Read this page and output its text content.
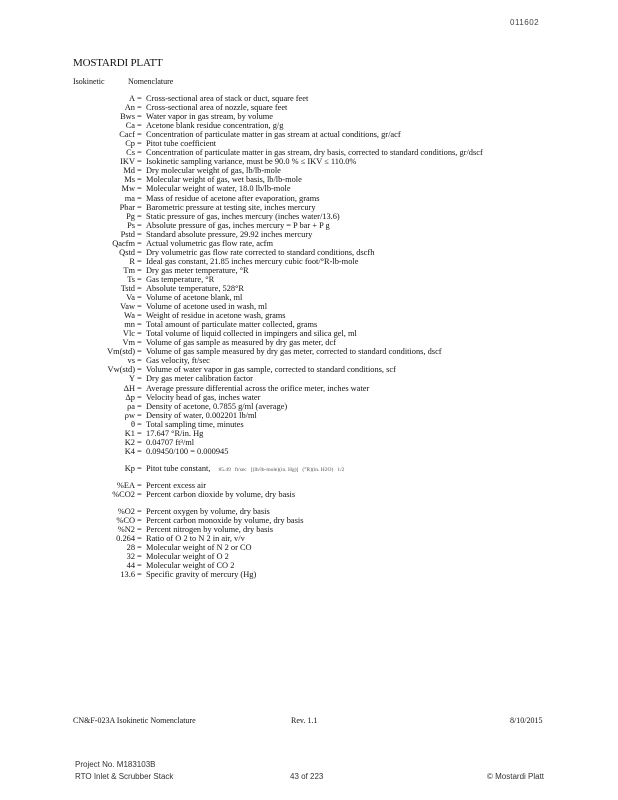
011602
MOSTARDI PLATT
Isokinetic	Nomenclature
A = Cross-sectional area of stack or duct, square feet
An = Cross-sectional area of nozzle, square feet
Bws = Water vapor in gas stream, by volume
Ca = Acetone blank residue concentration, g/g
Cacf = Concentration of particulate matter in gas stream at actual conditions, gr/acf
Cp = Pitot tube coefficient
Cs = Concentration of particulate matter in gas stream, dry basis, corrected to standard conditions, gr/dscf
IKV = Isokinetic sampling variance, must be 90.0 % ≤ IKV ≤ 110.0%
Md = Dry molecular weight of gas, lb/lb-mole
Ms = Molecular weight of gas, wet basis, lb/lb-mole
Mw = Molecular weight of water, 18.0 lb/lb-mole
ma = Mass of residue of acetone after evaporation, grams
Pbar = Barometric pressure at testing site, inches mercury
Pg = Static pressure of gas, inches mercury (inches water/13.6)
Ps = Absolute pressure of gas, inches mercury = P bar + P g
Pstd = Standard absolute pressure, 29.92 inches mercury
Qacfm = Actual volumetric gas flow rate, acfm
Qstd = Dry volumetric gas flow rate corrected to standard conditions, dscfh
R = Ideal gas constant, 21.85 inches mercury cubic foot/°R-lb-mole
Tm = Dry gas meter temperature, °R
Ts = Gas temperature, °R
Tstd = Absolute temperature, 528°R
Va = Volume of acetone blank, ml
Vaw = Volume of acetone used in wash, ml
Wa = Weight of residue in acetone wash, grams
mn = Total amount of particulate matter collected, grams
Vlc = Total volume of liquid collected in impingers and silica gel, ml
Vm = Volume of gas sample as measured by dry gas meter, dcf
Vm(std) = Volume of gas sample measured by dry gas meter, corrected to standard conditions, dscf
vs = Gas velocity, ft/sec
Vw(std) = Volume of water vapor in gas sample, corrected to standard conditions, scf
Y = Dry gas meter calibration factor
ΔH = Average pressure differential across the orifice meter, inches water
Δp = Velocity head of gas, inches water
ρa = Density of acetone, 0.7855 g/ml (average)
ρw = Density of water, 0.002201 lb/ml
θ = Total sampling time, minutes
K1 = 17.647 °R/in. Hg
K2 = 0.04707 ft³/ml
K4 = 0.09450/100 = 0.000945
Kp = Pitot tube constant, 85.49 ft/sec [(lb/lb-mole)(in. Hg)] (°R)(in. H2O) 1/2
%EA = Percent excess air
%CO2 = Percent carbon dioxide by volume, dry basis
%O2 = Percent oxygen by volume, dry basis
%CO = Percent carbon monoxide by volume, dry basis
%N2 = Percent nitrogen by volume, dry basis
0.264 = Ratio of O 2 to N 2 in air, v/v
28 = Molecular weight of N 2 or CO
32 = Molecular weight of O 2
44 = Molecular weight of CO 2
13.6 = Specific gravity of mercury (Hg)
CN&F-023A Isokinetic Nomenclature	Rev. 1.1	8/10/2015
Project No. M183103B
RTO Inlet & Scrubber Stack	43 of 223	© Mostardi Platt
